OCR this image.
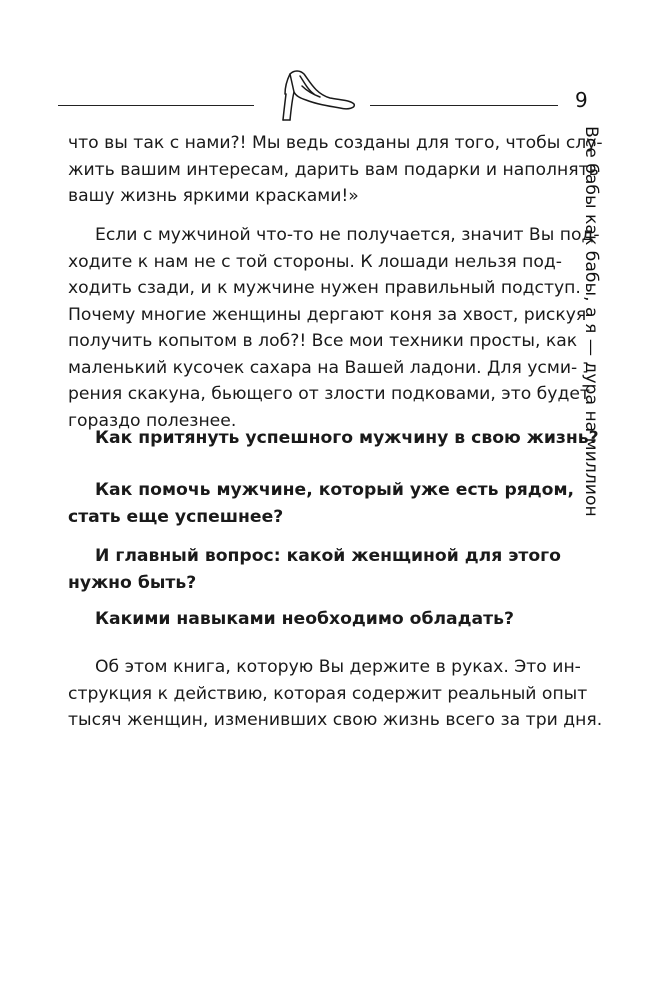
9
Все бабы как бабы, а я — дура на миллион
что вы так с нами?! Мы ведь созданы для того, чтобы слу-
жить вашим интересам, дарить вам подарки и наполнять
вашу жизнь яркими красками!»
Если с мужчиной что-то не получается, значит Вы под-
ходите к нам не с той стороны. К лошади нельзя под-
ходить сзади, и к мужчине нужен правильный подступ.
Почему многие женщины дергают коня за хвост, рискуя
получить копытом в лоб?! Все мои техники просты, как
маленький кусочек сахара на Вашей ладони. Для усми-
рения скакуна, бьющего от злости подковами, это будет
гораздо полезнее.
Как притянуть успешного мужчину в свою жизнь?
Как помочь мужчине, который уже есть рядом,
стать еще успешнее?
И главный вопрос: какой женщиной для этого
нужно быть?
Какими навыками необходимо обладать?
Об этом книга, которую Вы держите в руках. Это ин-
струкция к действию, которая содержит реальный опыт
тысяч женщин, изменивших свою жизнь всего за три дня.
